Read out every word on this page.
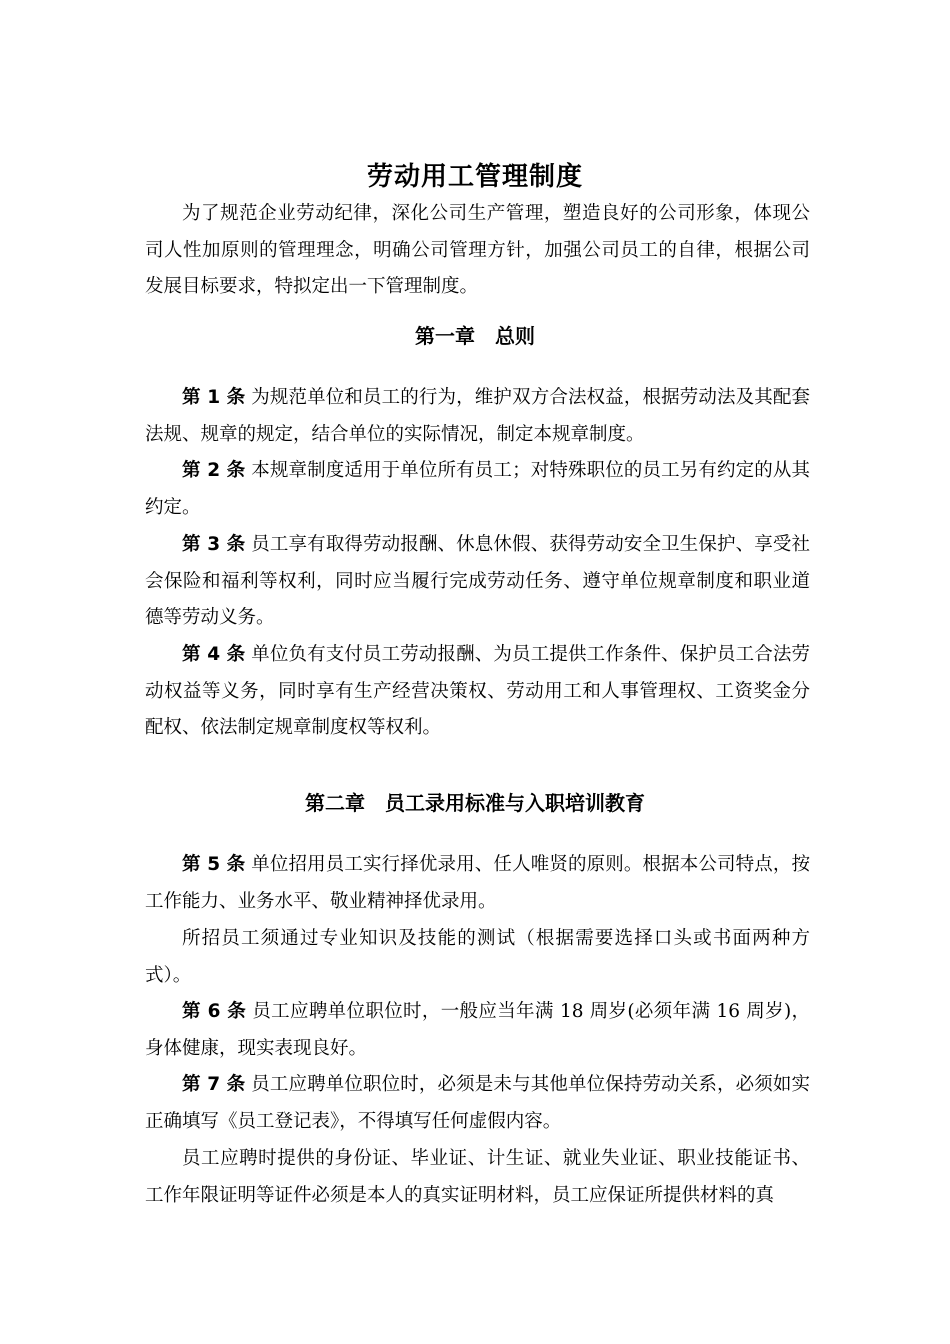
劳动用工管理制度

为了规范企业劳动纪律，深化公司生产管理，塑造良好的公司形象，体现公司人性加原则的管理理念，明确公司管理方针，加强公司员工的自律，根据公司发展目标要求，特拟定出一下管理制度。

第一章　总则

第 1 条 为规范单位和员工的行为，维护双方合法权益，根据劳动法及其配套法规、规章的规定，结合单位的实际情况，制定本规章制度。

第 2 条 本规章制度适用于单位所有员工；对特殊职位的员工另有约定的从其约定。

第 3 条 员工享有取得劳动报酬、休息休假、获得劳动安全卫生保护、享受社会保险和福利等权利，同时应当履行完成劳动任务、遵守单位规章制度和职业道德等劳动义务。

第 4 条 单位负有支付员工劳动报酬、为员工提供工作条件、保护员工合法劳动权益等义务，同时享有生产经营决策权、劳动用工和人事管理权、工资奖金分配权、依法制定规章制度权等权利。

第二章　员工录用标准与入职培训教育

第 5 条 单位招用员工实行择优录用、任人唯贤的原则。根据本公司特点，按工作能力、业务水平、敬业精神择优录用。

所招员工须通过专业知识及技能的测试（根据需要选择口头或书面两种方式）。

第 6 条 员工应聘单位职位时，一般应当年满 18 周岁(必须年满 16 周岁)，身体健康，现实表现良好。

第 7 条 员工应聘单位职位时，必须是未与其他单位保持劳动关系，必须如实正确填写《员工登记表》，不得填写任何虚假内容。

员工应聘时提供的身份证、毕业证、计生证、就业失业证、职业技能证书、工作年限证明等证件必须是本人的真实证明材料，员工应保证所提供材料的真
